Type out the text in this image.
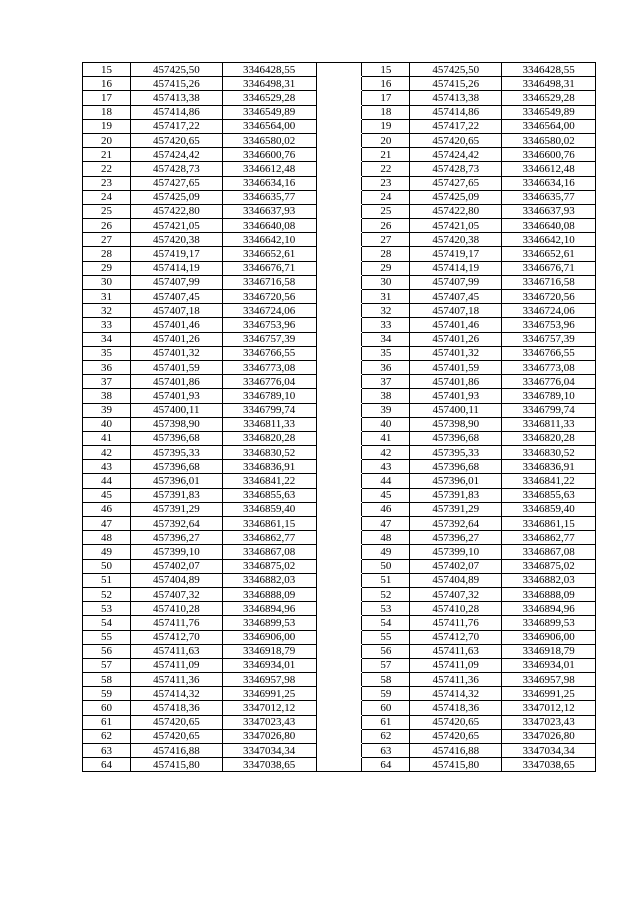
15	457425,50	3346428,55		15	457425,50	3346428,55
16	457415,26	3346498,31		16	457415,26	3346498,31
17	457413,38	3346529,28		17	457413,38	3346529,28
18	457414,86	3346549,89		18	457414,86	3346549,89
19	457417,22	3346564,00		19	457417,22	3346564,00
20	457420,65	3346580,02		20	457420,65	3346580,02
21	457424,42	3346600,76		21	457424,42	3346600,76
22	457428,73	3346612,48		22	457428,73	3346612,48
23	457427,65	3346634,16		23	457427,65	3346634,16
24	457425,09	3346635,77		24	457425,09	3346635,77
25	457422,80	3346637,93		25	457422,80	3346637,93
26	457421,05	3346640,08		26	457421,05	3346640,08
27	457420,38	3346642,10		27	457420,38	3346642,10
28	457419,17	3346652,61		28	457419,17	3346652,61
29	457414,19	3346676,71		29	457414,19	3346676,71
30	457407,99	3346716,58		30	457407,99	3346716,58
31	457407,45	3346720,56		31	457407,45	3346720,56
32	457407,18	3346724,06		32	457407,18	3346724,06
33	457401,46	3346753,96		33	457401,46	3346753,96
34	457401,26	3346757,39		34	457401,26	3346757,39
35	457401,32	3346766,55		35	457401,32	3346766,55
36	457401,59	3346773,08		36	457401,59	3346773,08
37	457401,86	3346776,04		37	457401,86	3346776,04
38	457401,93	3346789,10		38	457401,93	3346789,10
39	457400,11	3346799,74		39	457400,11	3346799,74
40	457398,90	3346811,33		40	457398,90	3346811,33
41	457396,68	3346820,28		41	457396,68	3346820,28
42	457395,33	3346830,52		42	457395,33	3346830,52
43	457396,68	3346836,91		43	457396,68	3346836,91
44	457396,01	3346841,22		44	457396,01	3346841,22
45	457391,83	3346855,63		45	457391,83	3346855,63
46	457391,29	3346859,40		46	457391,29	3346859,40
47	457392,64	3346861,15		47	457392,64	3346861,15
48	457396,27	3346862,77		48	457396,27	3346862,77
49	457399,10	3346867,08		49	457399,10	3346867,08
50	457402,07	3346875,02		50	457402,07	3346875,02
51	457404,89	3346882,03		51	457404,89	3346882,03
52	457407,32	3346888,09		52	457407,32	3346888,09
53	457410,28	3346894,96		53	457410,28	3346894,96
54	457411,76	3346899,53		54	457411,76	3346899,53
55	457412,70	3346906,00		55	457412,70	3346906,00
56	457411,63	3346918,79		56	457411,63	3346918,79
57	457411,09	3346934,01		57	457411,09	3346934,01
58	457411,36	3346957,98		58	457411,36	3346957,98
59	457414,32	3346991,25		59	457414,32	3346991,25
60	457418,36	3347012,12		60	457418,36	3347012,12
61	457420,65	3347023,43		61	457420,65	3347023,43
62	457420,65	3347026,80		62	457420,65	3347026,80
63	457416,88	3347034,34		63	457416,88	3347034,34
64	457415,80	3347038,65		64	457415,80	3347038,65
